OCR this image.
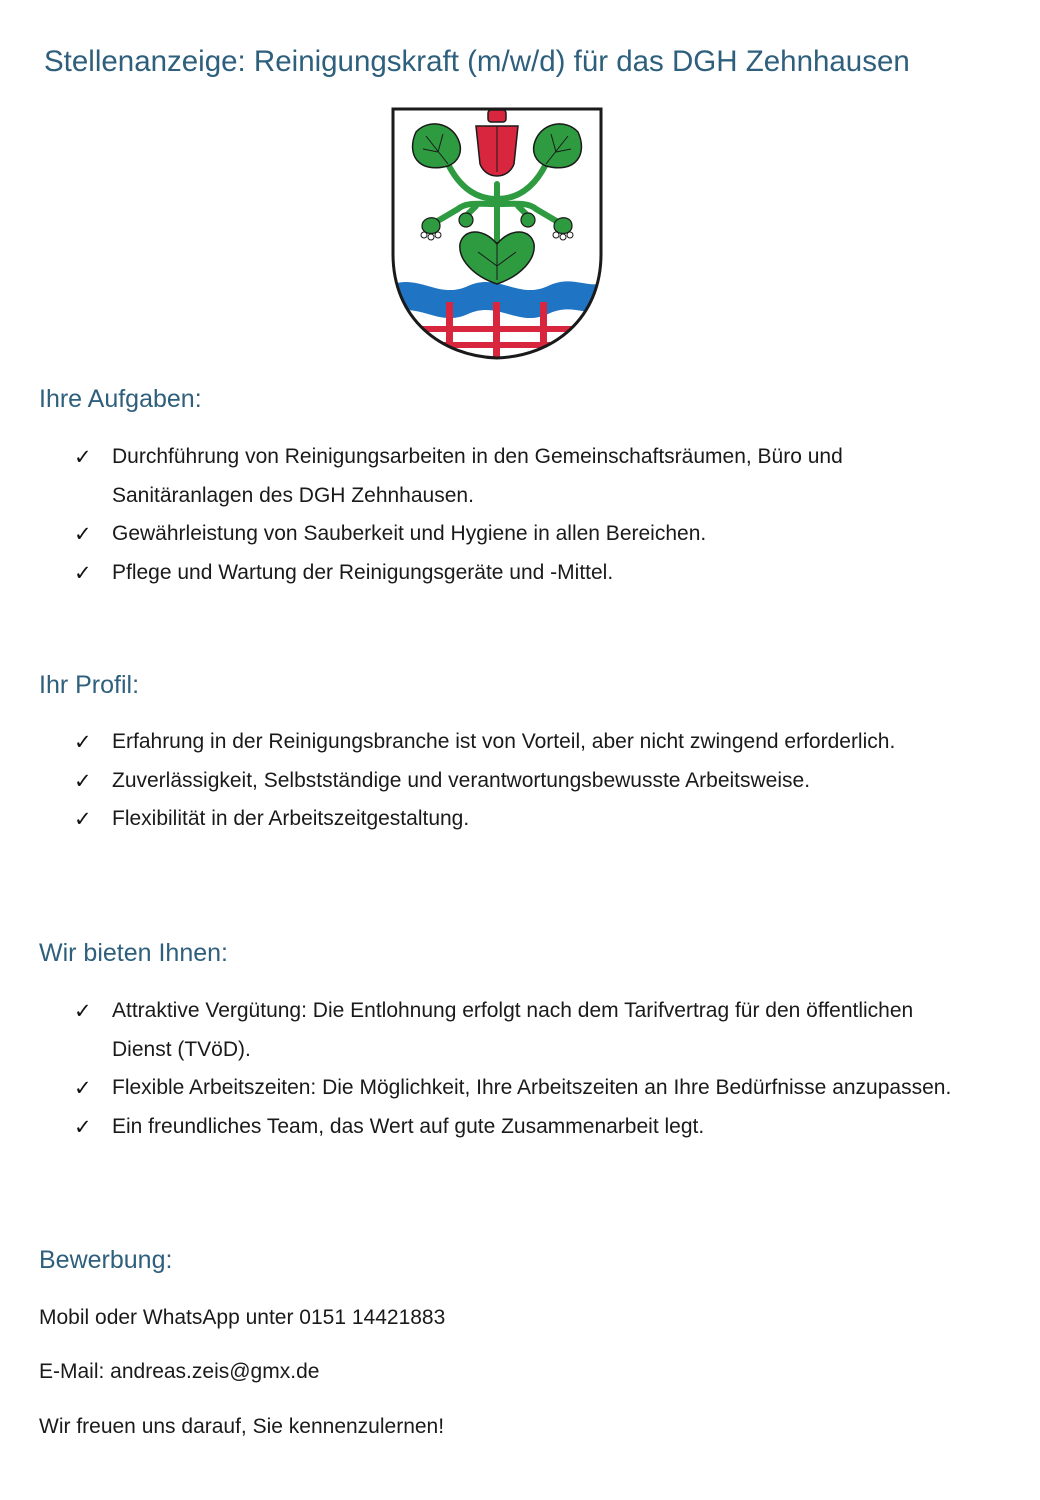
Stellenanzeige: Reinigungskraft (m/w/d) für das DGH Zehnhausen
Ihre Aufgaben:
✓ Durchführung von Reinigungsarbeiten in den Gemeinschaftsräumen, Büro und Sanitäranlagen des DGH Zehnhausen.
✓ Gewährleistung von Sauberkeit und Hygiene in allen Bereichen.
✓ Pflege und Wartung der Reinigungsgeräte und -Mittel.
Ihr Profil:
✓ Erfahrung in der Reinigungsbranche ist von Vorteil, aber nicht zwingend erforderlich.
✓ Zuverlässigkeit, Selbstständige und verantwortungsbewusste Arbeitsweise.
✓ Flexibilität in der Arbeitszeitgestaltung.
Wir bieten Ihnen:
✓ Attraktive Vergütung: Die Entlohnung erfolgt nach dem Tarifvertrag für den öffentlichen Dienst (TVöD).
✓ Flexible Arbeitszeiten: Die Möglichkeit, Ihre Arbeitszeiten an Ihre Bedürfnisse anzupassen.
✓ Ein freundliches Team, das Wert auf gute Zusammenarbeit legt.
Bewerbung:

Mobil oder WhatsApp unter 0151 14421883

E-Mail: andreas.zeis@gmx.de

Wir freuen uns darauf, Sie kennenzulernen!
